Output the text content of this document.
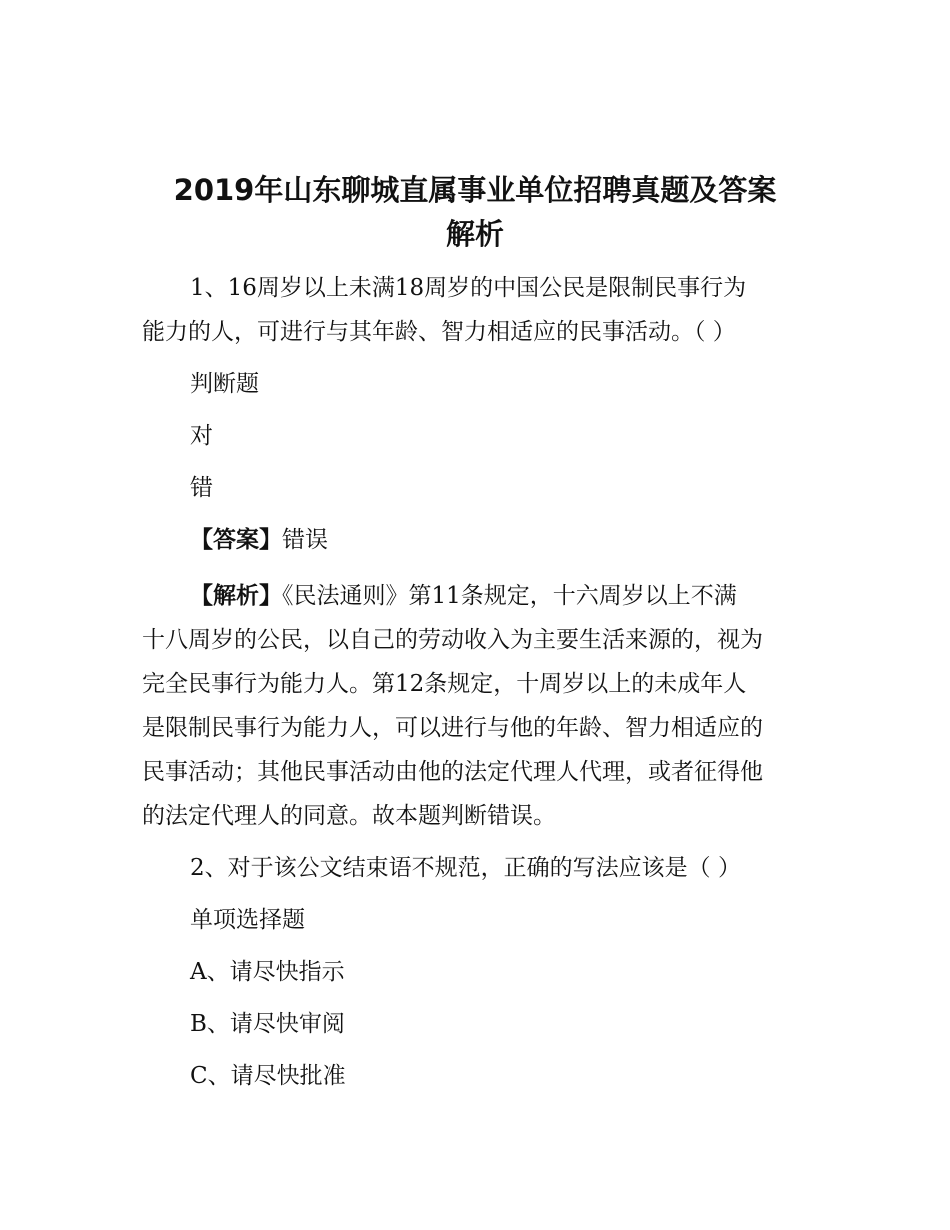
2019年山东聊城直属事业单位招聘真题及答案
解析

1、16周岁以上未满18周岁的中国公民是限制民事行为

能力的人，可进行与其年龄、智力相适应的民事活动。（ ）

判断题

对

错

【答案】错误

【解析】《民法通则》第11条规定，十六周岁以上不满

十八周岁的公民，以自己的劳动收入为主要生活来源的，视为

完全民事行为能力人。第12条规定，十周岁以上的未成年人

是限制民事行为能力人，可以进行与他的年龄、智力相适应的

民事活动；其他民事活动由他的法定代理人代理，或者征得他

的法定代理人的同意。故本题判断错误。

2、对于该公文结束语不规范，正确的写法应该是（ ）

单项选择题

A、请尽快指示

B、请尽快审阅

C、请尽快批准
